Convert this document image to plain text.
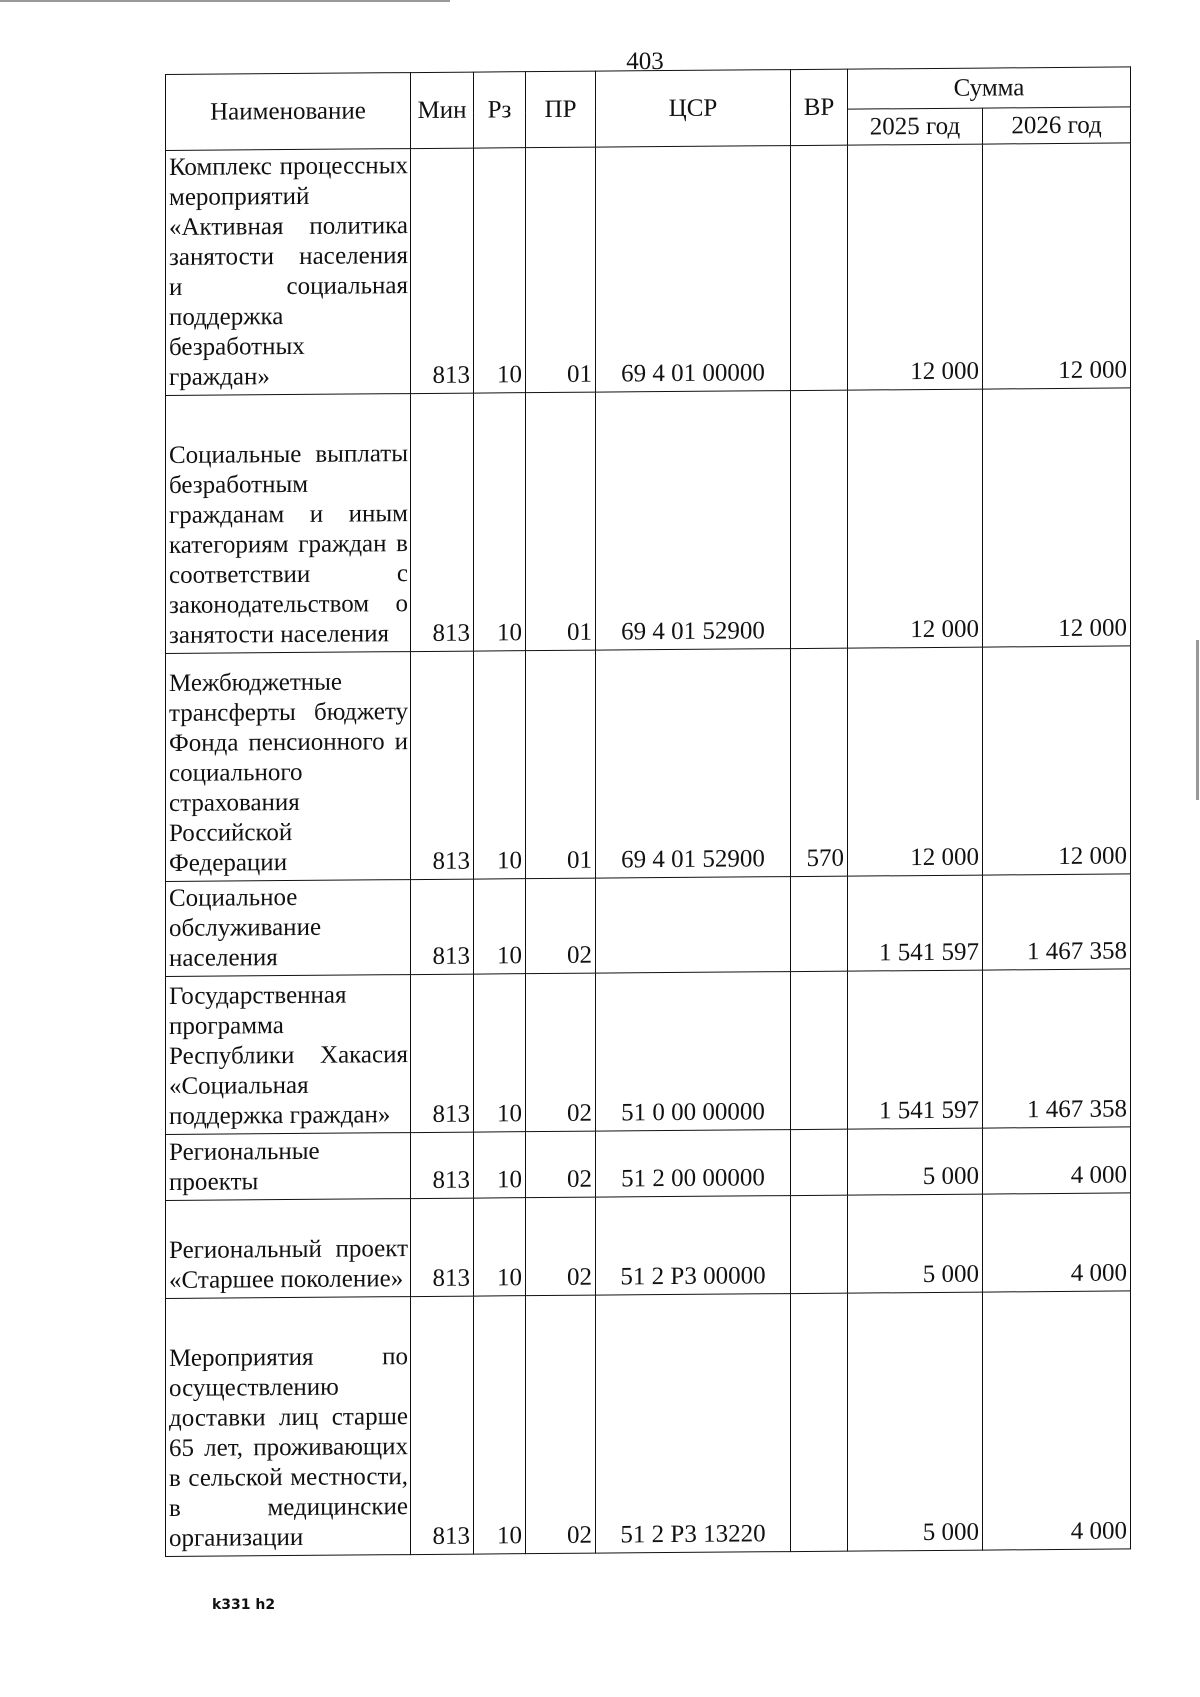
403
Наименование	Мин	Рз	ПР	ЦСР	ВР	Сумма	
						2025 год	2026 год
Комплекс процессных мероприятий «Активная политика занятости населения и социальная поддержка безработных граждан»	813	10	01	69 4 01 00000		12 000	12 000
Социальные выплаты безработным гражданам и иным категориям граждан в соответствии с законодательством о занятости населения	813	10	01	69 4 01 52900		12 000	12 000
Межбюджетные трансферты бюджету Фонда пенсионного и социального страхования Российской Федерации	813	10	01	69 4 01 52900	570	12 000	12 000
Социальное обслуживание населения	813	10	02			1 541 597	1 467 358
Государственная программа Республики Хакасия «Социальная поддержка граждан»	813	10	02	51 0 00 00000		1 541 597	1 467 358
Региональные проекты	813	10	02	51 2 00 00000		5 000	4 000
Региональный проект «Старшее поколение»	813	10	02	51 2 Р3 00000		5 000	4 000
Мероприятия по осуществлению доставки лиц старше 65 лет, проживающих в сельской местности, в медицинские организации	813	10	02	51 2 Р3 13220		5 000	4 000
k331 h2
